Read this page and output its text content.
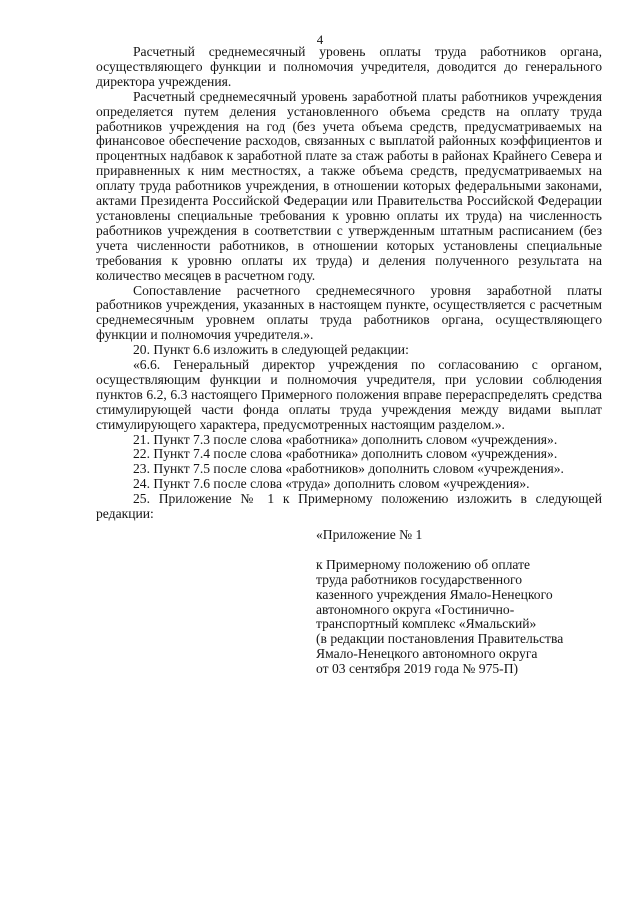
4

Расчетный среднемесячный уровень оплаты труда работников органа, осуществляющего функции и полномочия учредителя, доводится до генерального директора учреждения.

Расчетный среднемесячный уровень заработной платы работников учреждения определяется путем деления установленного объема средств на оплату труда работников учреждения на год (без учета объема средств, предусматриваемых на финансовое обеспечение расходов, связанных с выплатой районных коэффициентов и процентных надбавок к заработной плате за стаж работы в районах Крайнего Севера и приравненных к ним местностях, а также объема средств, предусматриваемых на оплату труда работников учреждения, в отношении которых федеральными законами, актами Президента Российской Федерации или Правительства Российской Федерации установлены специальные требования к уровню оплаты их труда) на численность работников учреждения в соответствии с утвержденным штатным расписанием (без учета численности работников, в отношении которых установлены специальные требования к уровню оплаты их труда) и деления полученного результата на количество месяцев в расчетном году.

Сопоставление расчетного среднемесячного уровня заработной платы работников учреждения, указанных в настоящем пункте, осуществляется с расчетным среднемесячным уровнем оплаты труда работников органа, осуществляющего функции и полномочия учредителя.».

20. Пункт 6.6 изложить в следующей редакции:

«6.6. Генеральный директор учреждения по согласованию с органом, осуществляющим функции и полномочия учредителя, при условии соблюдения пунктов 6.2, 6.3 настоящего Примерного положения вправе перераспределять средства стимулирующей части фонда оплаты труда учреждения между видами выплат стимулирующего характера, предусмотренных настоящим разделом.».

21. Пункт 7.3 после слова «работника» дополнить словом «учреждения».

22. Пункт 7.4 после слова «работника» дополнить словом «учреждения».

23. Пункт 7.5 после слова «работников» дополнить словом «учреждения».

24. Пункт 7.6 после слова «труда» дополнить словом «учреждения».

25. Приложение № 1 к Примерному положению изложить в следующей редакции:

«Приложение № 1

к Примерному положению об оплате

труда работников государственного

казенного учреждения Ямало-Ненецкого

автономного округа «Гостинично-

транспортный комплекс «Ямальский»

(в редакции постановления Правительства

Ямало-Ненецкого автономного округа

от 03 сентября 2019 года № 975-П)
